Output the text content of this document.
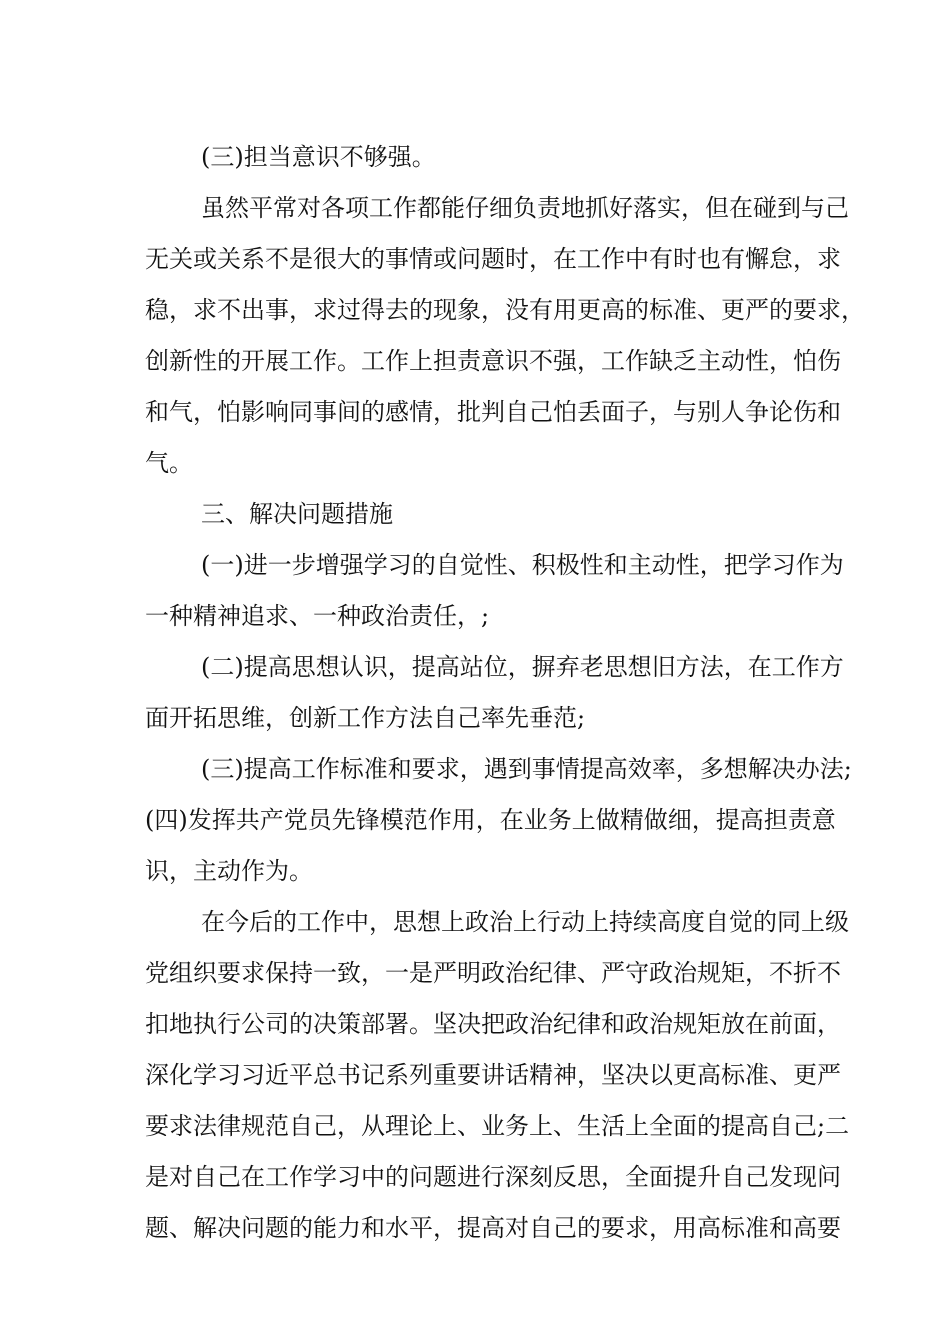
(三)担当意识不够强。
虽然平常对各项工作都能仔细负责地抓好落实，但在碰到与己
无关或关系不是很大的事情或问题时，在工作中有时也有懈怠，求
稳，求不出事，求过得去的现象，没有用更高的标准、更严的要求，
创新性的开展工作。工作上担责意识不强，工作缺乏主动性，怕伤
和气，怕影响同事间的感情，批判自己怕丢面子，与别人争论伤和
气。
三、解决问题措施
(一)进一步增强学习的自觉性、积极性和主动性，把学习作为
一种精神追求、一种政治责任，;
(二)提高思想认识，提高站位，摒弃老思想旧方法，在工作方
面开拓思维，创新工作方法自己率先垂范;
(三)提高工作标准和要求，遇到事情提高效率，多想解决办法;
(四)发挥共产党员先锋模范作用，在业务上做精做细，提高担责意
识，主动作为。
在今后的工作中，思想上政治上行动上持续高度自觉的同上级
党组织要求保持一致，一是严明政治纪律、严守政治规矩，不折不
扣地执行公司的决策部署。坚决把政治纪律和政治规矩放在前面，
深化学习习近平总书记系列重要讲话精神，坚决以更高标准、更严
要求法律规范自己，从理论上、业务上、生活上全面的提高自己;二
是对自己在工作学习中的问题进行深刻反思，全面提升自己发现问
题、解决问题的能力和水平，提高对自己的要求，用高标准和高要
